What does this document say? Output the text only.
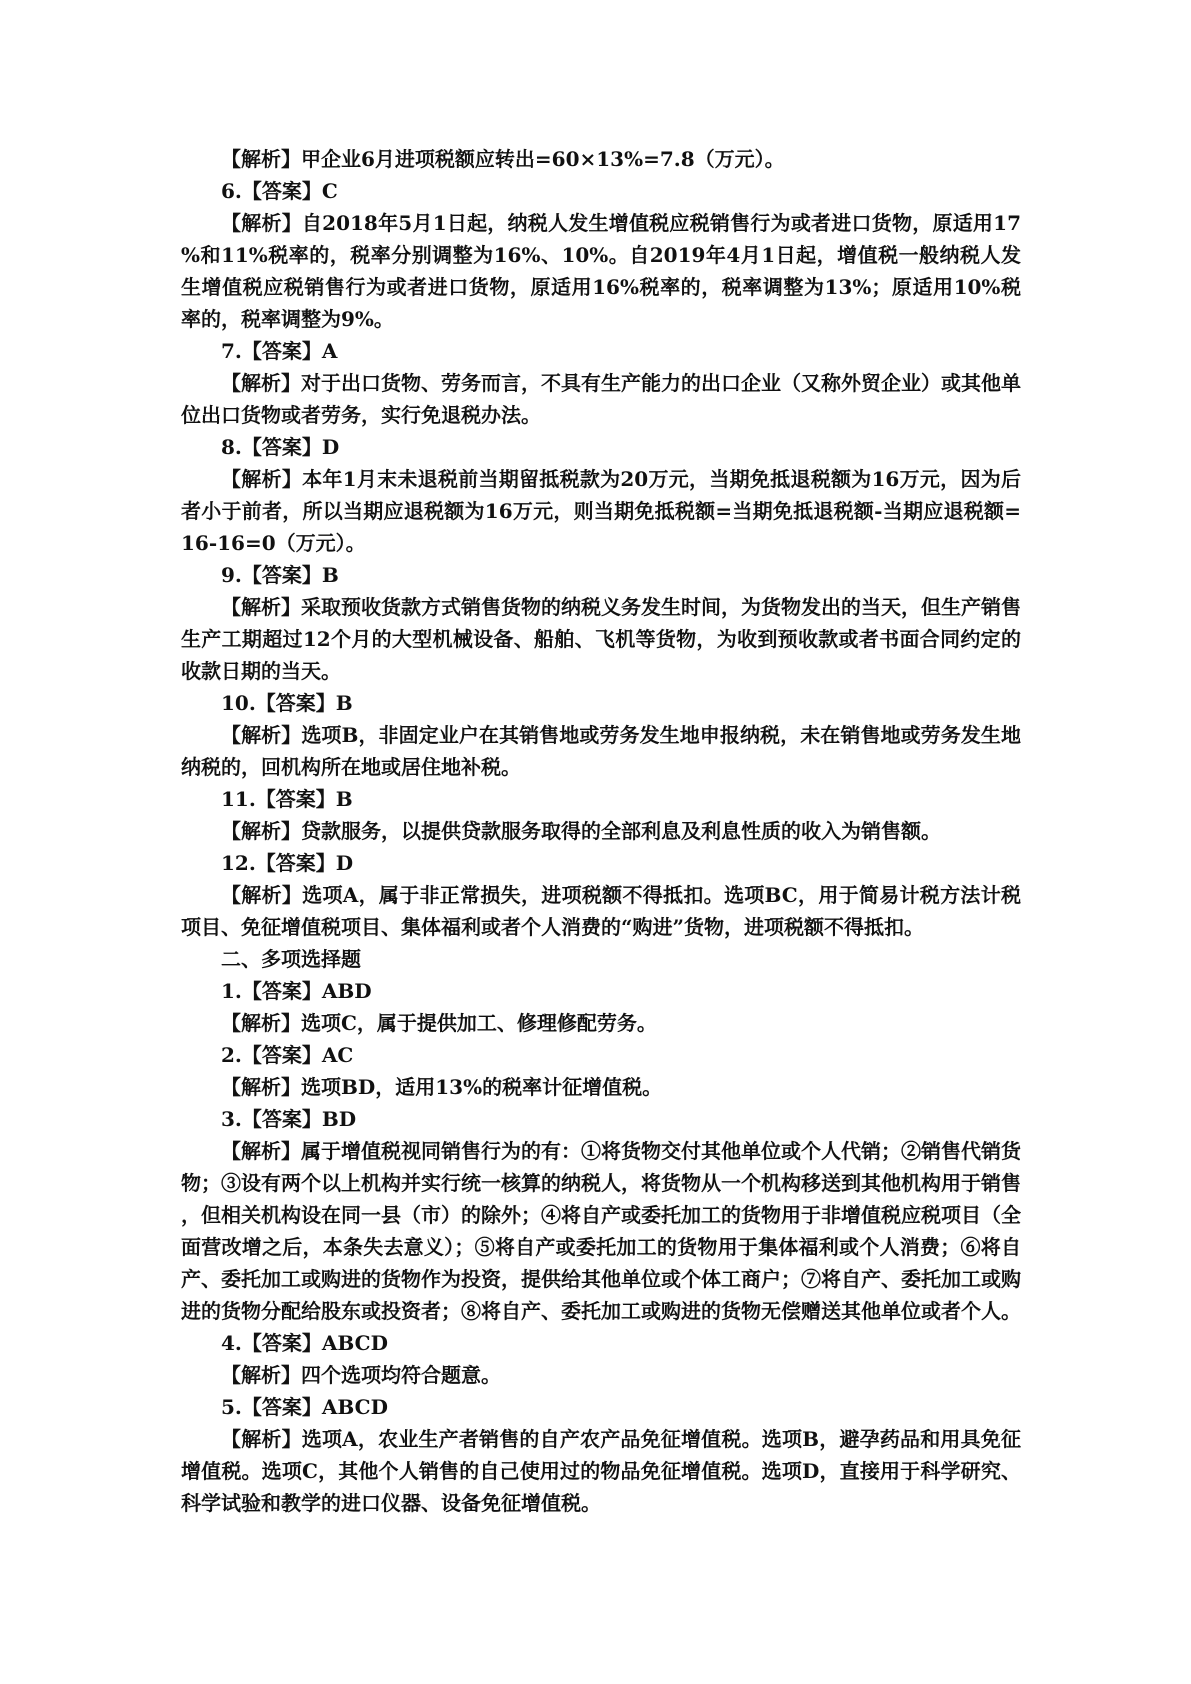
【解析】甲企业6月进项税额应转出=60×13%=7.8（万元）。

6.【答案】C

【解析】自2018年5月1日起，纳税人发生增值税应税销售行为或者进口货物，原适用17%和11%税率的，税率分别调整为16%、10%。自2019年4月1日起，增值税一般纳税人发生增值税应税销售行为或者进口货物，原适用16%税率的，税率调整为13%；原适用10%税率的，税率调整为9%。

7.【答案】A

【解析】对于出口货物、劳务而言，不具有生产能力的出口企业（又称外贸企业）或其他单位出口货物或者劳务，实行免退税办法。

8.【答案】D

【解析】本年1月末未退税前当期留抵税款为20万元，当期免抵退税额为16万元，因为后者小于前者，所以当期应退税额为16万元，则当期免抵税额=当期免抵退税额-当期应退税额=16-16=0（万元）。

9.【答案】B

【解析】采取预收货款方式销售货物的纳税义务发生时间，为货物发出的当天，但生产销售生产工期超过12个月的大型机械设备、船舶、飞机等货物，为收到预收款或者书面合同约定的收款日期的当天。

10.【答案】B

【解析】选项B，非固定业户在其销售地或劳务发生地申报纳税，未在销售地或劳务发生地纳税的，回机构所在地或居住地补税。

11.【答案】B

【解析】贷款服务，以提供贷款服务取得的全部利息及利息性质的收入为销售额。

12.【答案】D

【解析】选项A，属于非正常损失，进项税额不得抵扣。选项BC，用于简易计税方法计税项目、免征增值税项目、集体福利或者个人消费的“购进”货物，进项税额不得抵扣。

二、多项选择题

1.【答案】ABD

【解析】选项C，属于提供加工、修理修配劳务。

2.【答案】AC

【解析】选项BD，适用13%的税率计征增值税。

3.【答案】BD

【解析】属于增值税视同销售行为的有：①将货物交付其他单位或个人代销；②销售代销货物；③设有两个以上机构并实行统一核算的纳税人，将货物从一个机构移送到其他机构用于销售，但相关机构设在同一县（市）的除外；④将自产或委托加工的货物用于非增值税应税项目（全面营改增之后，本条失去意义）；⑤将自产或委托加工的货物用于集体福利或个人消费；⑥将自产、委托加工或购进的货物作为投资，提供给其他单位或个体工商户；⑦将自产、委托加工或购进的货物分配给股东或投资者；⑧将自产、委托加工或购进的货物无偿赠送其他单位或者个人。

4.【答案】ABCD

【解析】四个选项均符合题意。

5.【答案】ABCD

【解析】选项A，农业生产者销售的自产农产品免征增值税。选项B，避孕药品和用具免征增值税。选项C，其他个人销售的自己使用过的物品免征增值税。选项D，直接用于科学研究、科学试验和教学的进口仪器、设备免征增值税。
